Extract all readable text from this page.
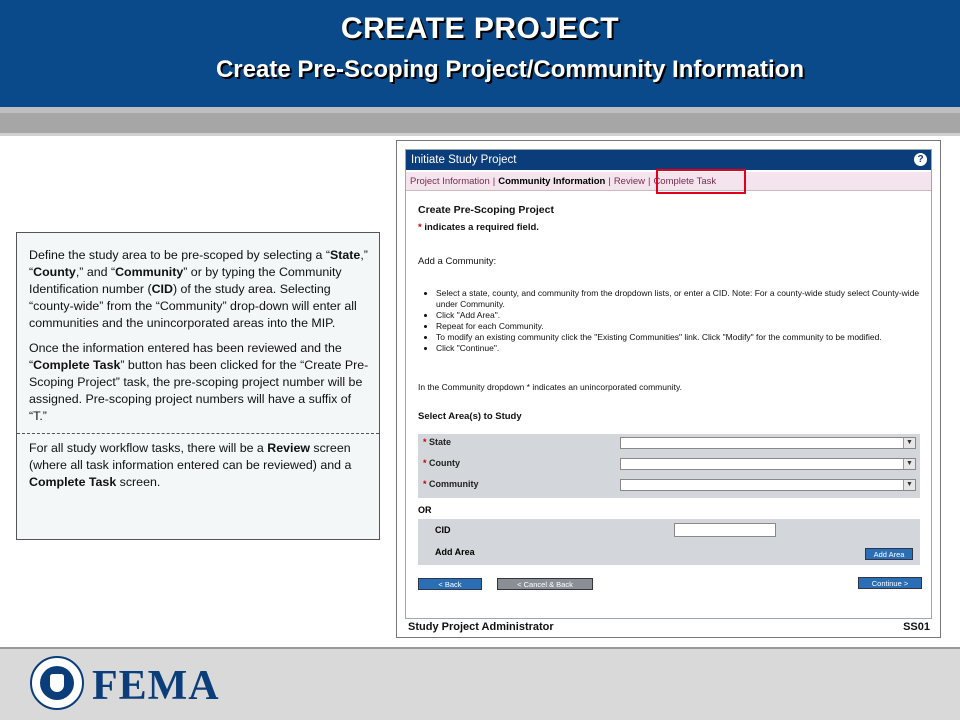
CREATE PROJECT
Create Pre-Scoping Project/Community Information

Define the study area to be pre-scoped by selecting a “State,” “County,” and “Community” or by typing the Community Identification number (CID) of the study area. Selecting “county-wide” from the “Community” drop-down will enter all communities and the unincorporated areas into the MIP.

Once the information entered has been reviewed and the “Complete Task” button has been clicked for the “Create Pre-Scoping Project” task, the pre-scoping project number will be assigned. Pre-scoping project numbers will have a suffix of “T.”

For all study workflow tasks, there will be a Review screen (where all task information entered can be reviewed) and a Complete Task screen.

Initiate Study Project	?
Project Information | Community Information | Review | Complete Task
Create Pre-Scoping Project
* indicates a required field.
Add a Community:
• Select a state, county, and community from the dropdown lists, or enter a CID. Note: For a county-wide study select County-wide under Community.
• Click "Add Area".
• Repeat for each Community.
• To modify an existing community click the "Existing Communities" link. Click "Modify" for the community to be modified.
• Click "Continue".
In the Community dropdown * indicates an unincorporated community.
Select Area(s) to Study
* State	▼
* County	▼
* Community	▼
OR
CID
Add Area	Add Area
< Back	< Cancel & Back	Continue >
Study Project Administrator	SS01
FEMA
